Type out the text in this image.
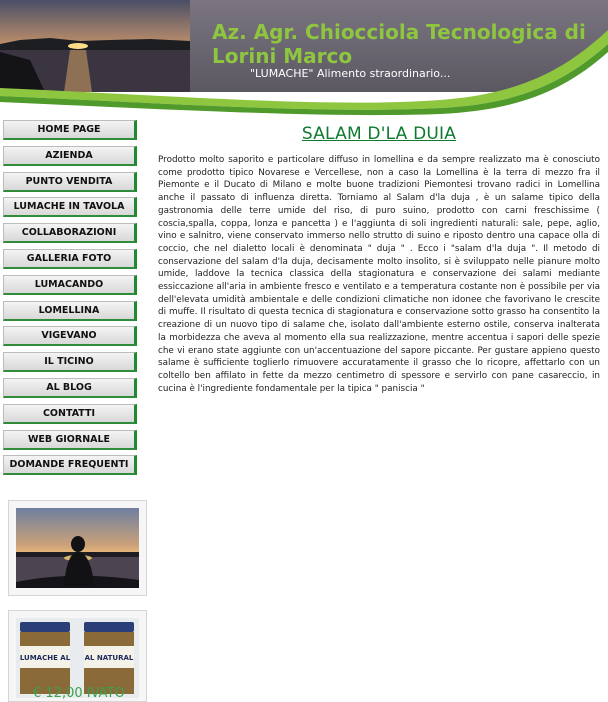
Az. Agr. Chiocciola Tecnologica di Lorini Marco
"LUMACHE" Alimento straordinario...
HOME PAGE
AZIENDA
PUNTO VENDITA
LUMACHE IN TAVOLA
COLLABORAZIONI
GALLERIA FOTO
LUMACANDO
LOMELLINA
VIGEVANO
IL TICINO
AL BLOG
CONTATTI
WEB GIORNALE
DOMANDE FREQUENTI
LUMACHE AL AL NATURAL
€ 12,00 IVATO
SALAM D'LA DUIA

Prodotto molto saporito e particolare diffuso in lomellina e da sempre realizzato ma è conosciuto come prodotto tipico Novarese e Vercellese, non a caso la Lomellina è la terra di mezzo fra il Piemonte e il Ducato di Milano e molte buone tradizioni Piemontesi trovano radici in Lomellina anche il passato di influenza diretta. Torniamo al Salam d'la duja , è un salame tipico della gastronomia delle terre umide del riso, di puro suino, prodotto con carni freschissime ( coscia,spalla, coppa, lonza e pancetta ) e l'aggiunta di soli ingredienti naturali: sale, pepe, aglio, vino e salnitro, viene conservato immerso nello strutto di suino e riposto dentro una capace olla di coccio, che nel dialetto locali è denominata " duja " . Ecco i "salam d'la duja ". Il metodo di conservazione del salam d'la duja, decisamente molto insolito, si è sviluppato nelle pianure molto umide, laddove la tecnica classica della stagionatura e conservazione dei salami mediante essiccazione all'aria in ambiente fresco e ventilato e a temperatura costante non è possibile per via dell'elevata umidità ambientale e delle condizioni climatiche non idonee che favorivano le crescite di muffe. Il risultato di questa tecnica di stagionatura e conservazione sotto grasso ha consentito la creazione di un nuovo tipo di salame che, isolato dall'ambiente esterno ostile, conserva inalterata la morbidezza che aveva al momento ella sua realizzazione, mentre accentua i sapori delle spezie che vi erano state aggiunte con un'accentuazione del sapore piccante. Per gustare appieno questo salame è sufficiente toglierlo rimuovere accuratamente il grasso che lo ricopre, affettarlo con un coltello ben affilato in fette da mezzo centimetro di spessore e servirlo con pane casareccio, in cucina è l'ingrediente fondamentale per la tipica " paniscia "
